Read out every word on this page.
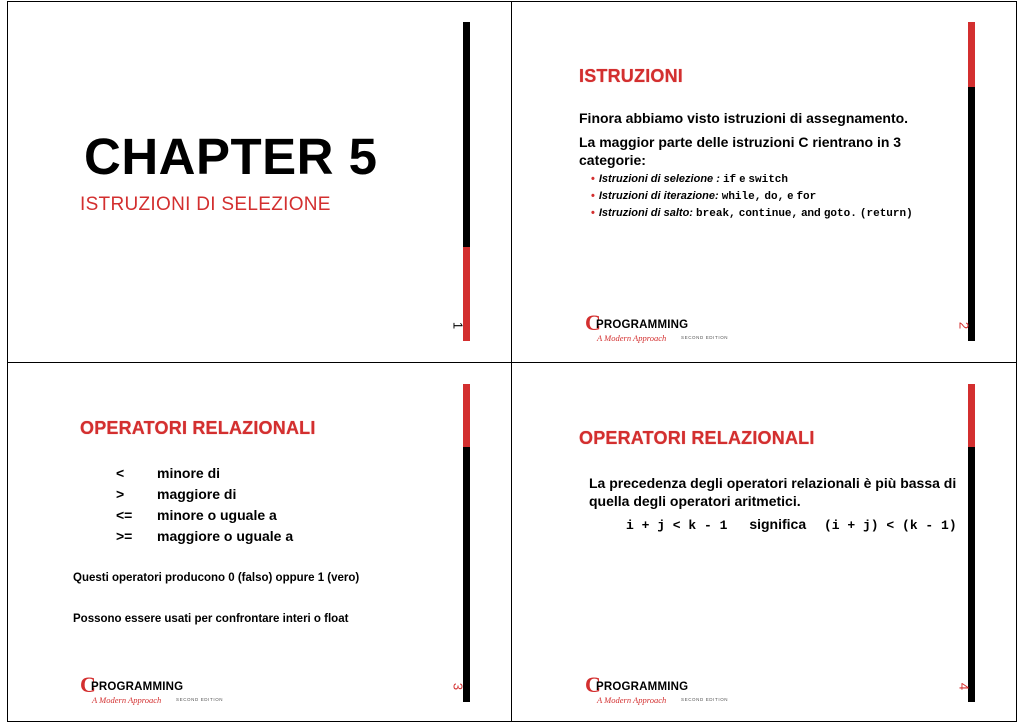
CHAPTER 5
ISTRUZIONI DI SELEZIONE
1
ISTRUZIONI
Finora abbiamo visto istruzioni di assegnamento.
La maggior parte delle istruzioni C rientrano in 3 categorie:
• Istruzioni di selezione : if e switch
• Istruzioni di iterazione: while, do, e for
• Istruzioni di salto: break, continue, and goto. (return)
C
PROGRAMMING
A Modern Approach	SECOND EDITION
2
OPERATORI RELAZIONALI
< minore di
> maggiore di
<= minore o uguale a
>= maggiore o uguale a
Questi operatori producono 0 (falso) oppure 1 (vero)
Possono essere usati per confrontare interi o float
C
PROGRAMMING
A Modern Approach	SECOND EDITION
3
OPERATORI RELAZIONALI
La precedenza degli operatori relazionali è più bassa di quella degli operatori aritmetici.
i + j < k - 1 significa (i + j) < (k - 1)
C
PROGRAMMING
A Modern Approach	SECOND EDITION
4
